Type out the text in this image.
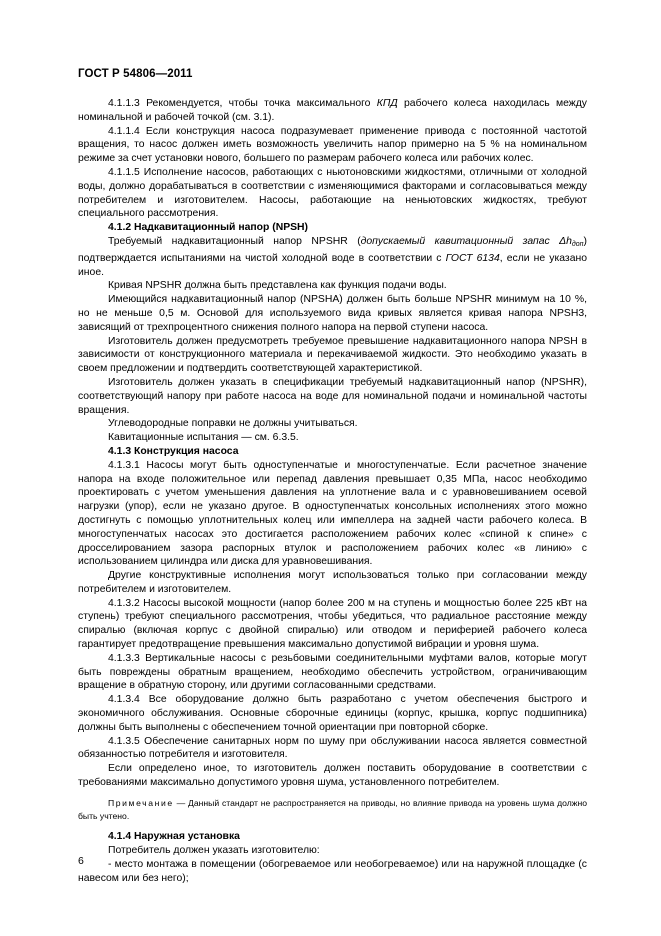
ГОСТ Р 54806—2011

4.1.1.3 Рекомендуется, чтобы точка максимального КПД рабочего колеса находилась между номинальной и рабочей точкой (см. 3.1).

4.1.1.4 Если конструкция насоса подразумевает применение привода с постоянной частотой вращения, то насос должен иметь возможность увеличить напор примерно на 5 % на номинальном режиме за счет установки нового, большего по размерам рабочего колеса или рабочих колес.

4.1.1.5 Исполнение насосов, работающих с ньютоновскими жидкостями, отличными от холодной воды, должно дорабатываться в соответствии с изменяющимися факторами и согласовываться между потребителем и изготовителем. Насосы, работающие на неньютовских жидкостях, требуют специального рассмотрения.

4.1.2 Надкавитационный напор (NPSH)

Требуемый надкавитационный напор NPSHR (допускаемый кавитационный запас $\Delta h_{доп}$) подтверждается испытаниями на чистой холодной воде в соответствии с ГОСТ 6134, если не указано иное.

Кривая NPSHR должна быть представлена как функция подачи воды.

Имеющийся надкавитационный напор (NPSHA) должен быть больше NPSHR минимум на 10 %, но не меньше 0,5 м. Основой для используемого вида кривых является кривая напора NPSH3, зависящий от трехпроцентного снижения полного напора на первой ступени насоса.

Изготовитель должен предусмотреть требуемое превышение надкавитационного напора NPSH в зависимости от конструкционного материала и перекачиваемой жидкости. Это необходимо указать в своем предложении и подтвердить соответствующей характеристикой.

Изготовитель должен указать в спецификации требуемый надкавитационный напор (NPSHR), соответствующий напору при работе насоса на воде для номинальной подачи и номинальной частоты вращения.

Углеводородные поправки не должны учитываться.

Кавитационные испытания — см. 6.3.5.

4.1.3 Конструкция насоса

4.1.3.1 Насосы могут быть одноступенчатые и многоступенчатые. Если расчетное значение напора на входе положительное или перепад давления превышает 0,35 МПа, насос необходимо проектировать с учетом уменьшения давления на уплотнение вала и с уравновешиванием осевой нагрузки (упор), если не указано другое. В одноступенчатых консольных исполнениях этого можно достигнуть с помощью уплотнительных колец или импеллера на задней части рабочего колеса. В многоступенчатых насосах это достигается расположением рабочих колес «спиной к спине» с дросселированием зазора распорных втулок и расположением рабочих колес «в линию» с использованием цилиндра или диска для уравновешивания.

Другие конструктивные исполнения могут использоваться только при согласовании между потребителем и изготовителем.

4.1.3.2 Насосы высокой мощности (напор более 200 м на ступень и мощностью более 225 кВт на ступень) требуют специального рассмотрения, чтобы убедиться, что радиальное расстояние между спиралью (включая корпус с двойной спиралью) или отводом и периферией рабочего колеса гарантирует предотвращение превышения максимально допустимой вибрации и уровня шума.

4.1.3.3 Вертикальные насосы с резьбовыми соединительными муфтами валов, которые могут быть повреждены обратным вращением, необходимо обеспечить устройством, ограничивающим вращение в обратную сторону, или другими согласованными средствами.

4.1.3.4 Все оборудование должно быть разработано с учетом обеспечения быстрого и экономичного обслуживания. Основные сборочные единицы (корпус, крышка, корпус подшипника) должны быть выполнены с обеспечением точной ориентации при повторной сборке.

4.1.3.5 Обеспечение санитарных норм по шуму при обслуживании насоса является совместной обязанностью потребителя и изготовителя.

Если определено иное, то изготовитель должен поставить оборудование в соответствии с требованиями максимально допустимого уровня шума, установленного потребителем.

Примечание — Данный стандарт не распространяется на приводы, но влияние привода на уровень шума должно быть учтено.

4.1.4 Наружная установка

Потребитель должен указать изготовителю:

- место монтажа в помещении (обогреваемое или необогреваемое) или на наружной площадке (с навесом или без него);

6
